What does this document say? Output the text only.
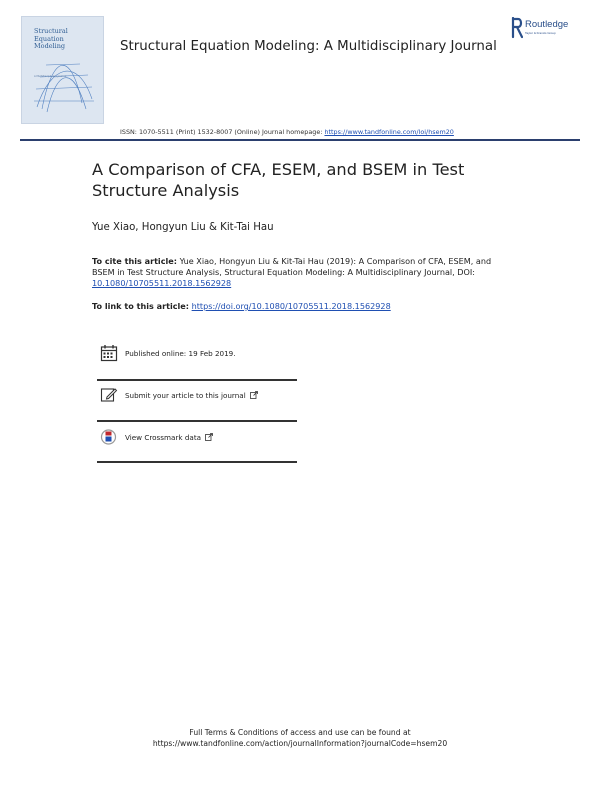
Structural
Equation
Modeling
A Multidisciplinary Journal
Structural Equation Modeling: A Multidisciplinary Journal
Routledge
Taylor & Francis Group
ISSN: 1070-5511 (Print) 1532-8007 (Online) Journal homepage: https://www.tandfonline.com/loi/hsem20
A Comparison of CFA, ESEM, and BSEM in Test Structure Analysis
Yue Xiao, Hongyun Liu & Kit-Tai Hau
To cite this article: Yue Xiao, Hongyun Liu & Kit-Tai Hau (2019): A Comparison of CFA, ESEM, and BSEM in Test Structure Analysis, Structural Equation Modeling: A Multidisciplinary Journal, DOI: 10.1080/10705511.2018.1562928
To link to this article: https://doi.org/10.1080/10705511.2018.1562928
Published online: 19 Feb 2019.
Submit your article to this journal
View Crossmark data
Full Terms & Conditions of access and use can be found at
https://www.tandfonline.com/action/journalInformation?journalCode=hsem20
